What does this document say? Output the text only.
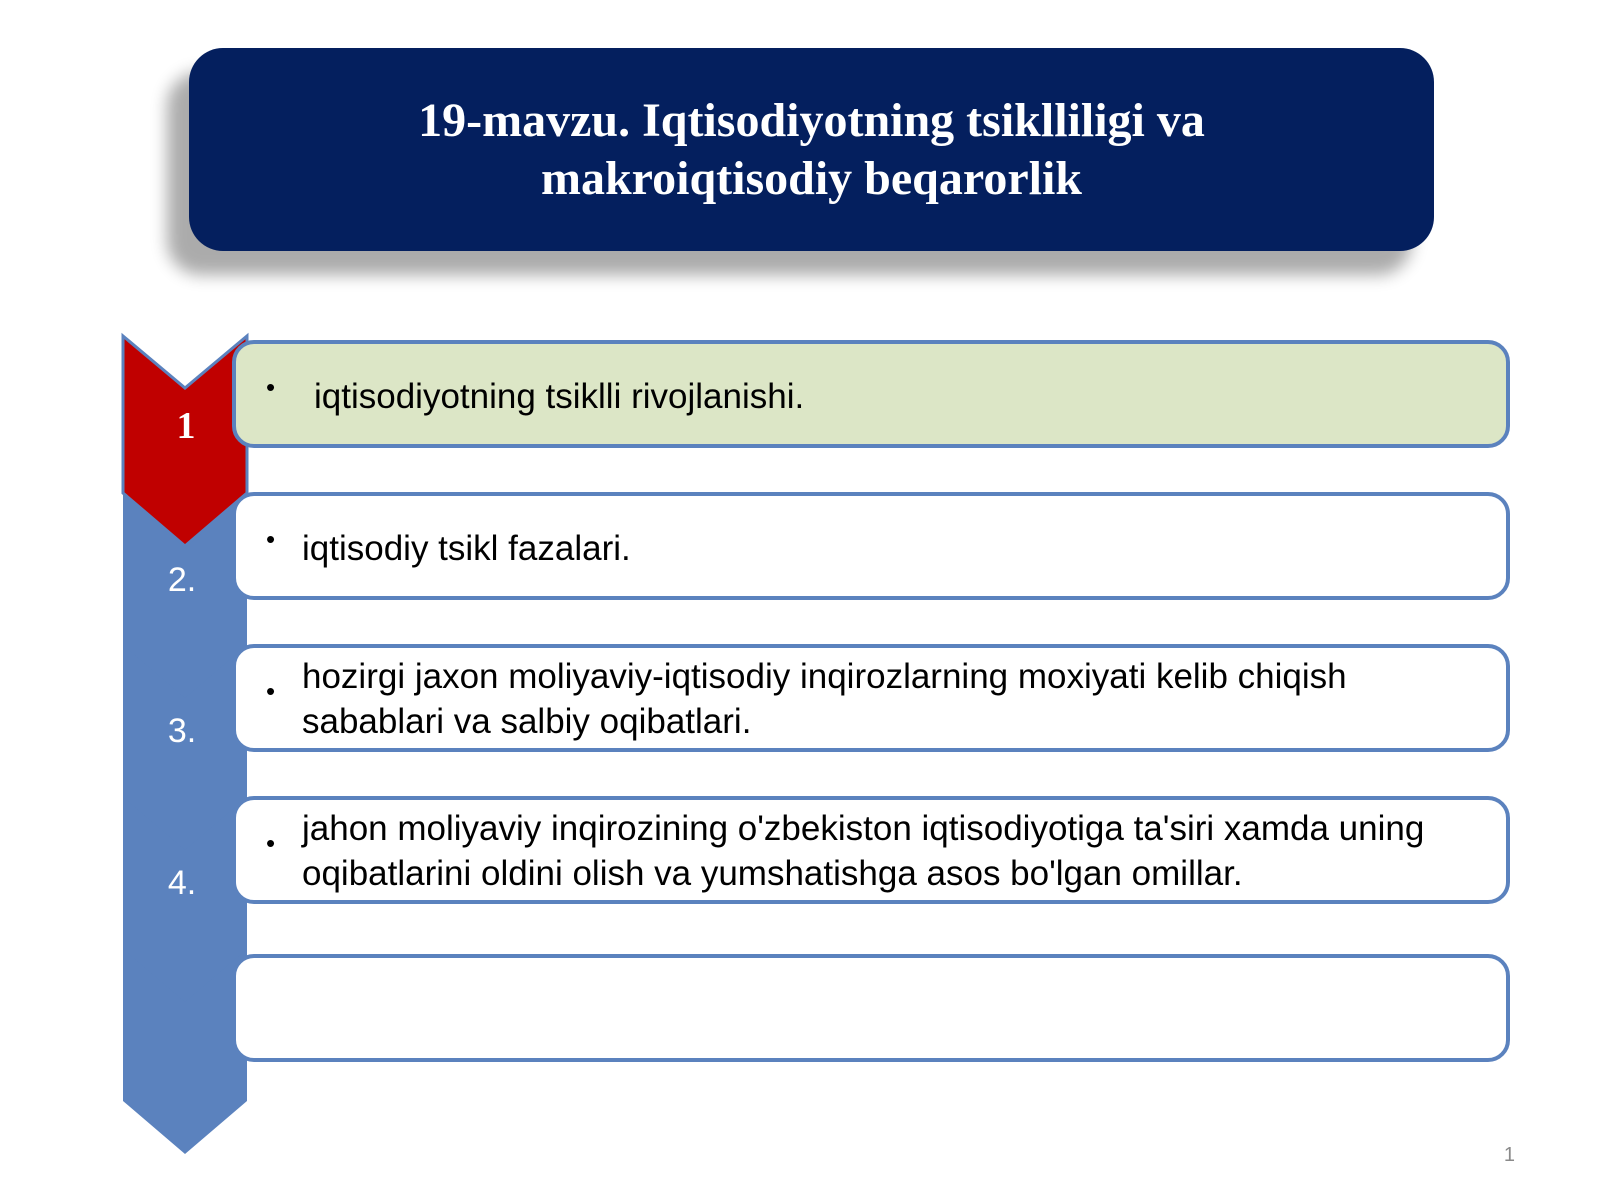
19-mavzu. Iqtisodiyotning tsiklliligi va
makroiqtisodiy beqarorlik
1
2.
3.
4.
• iqtisodiyotning tsiklli rivojlanishi.
• iqtisodiy tsikl fazalari.
• hozirgi jaxon moliyaviy-iqtisodiy inqirozlarning moxiyati kelib chiqish sabablari va salbiy oqibatlari.
• jahon moliyaviy inqirozining o'zbekiston iqtisodiyotiga ta'siri xamda uning oqibatlarini oldini olish va yumshatishga asos bo'lgan omillar.
1
